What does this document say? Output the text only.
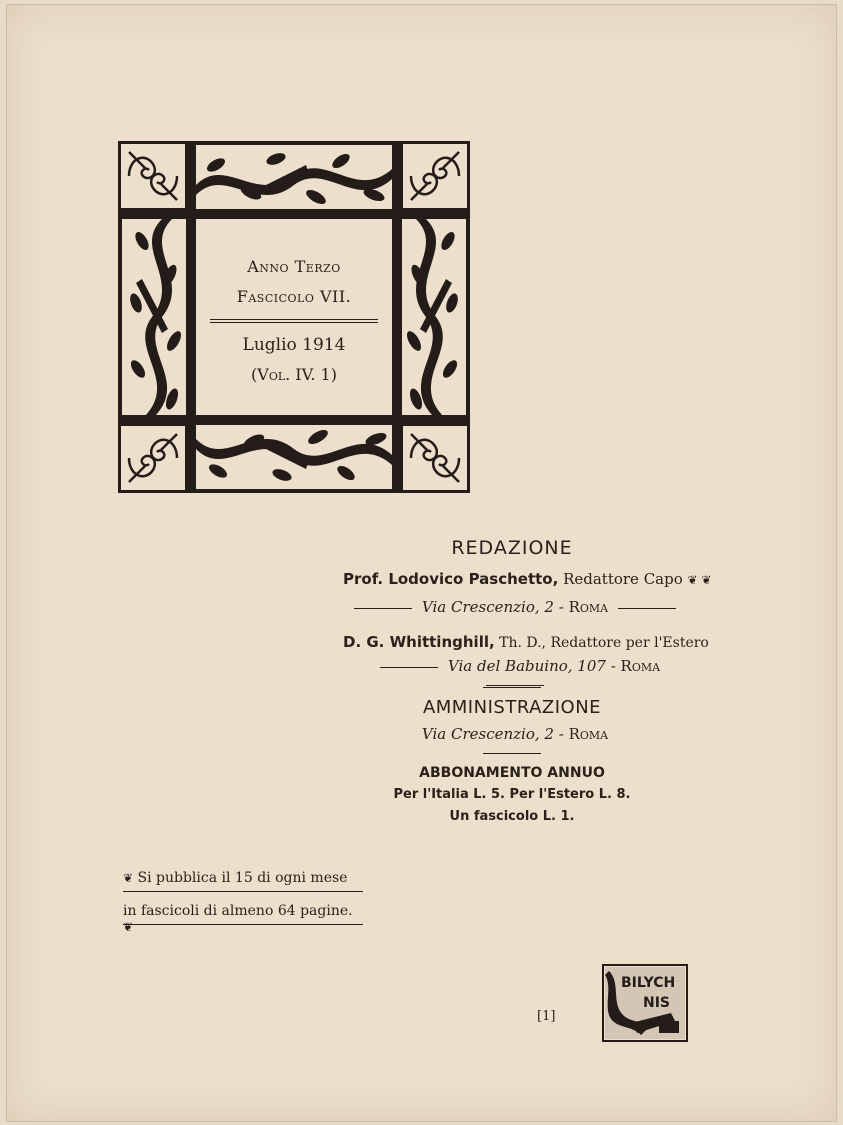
Anno Terzo
Fascicolo VII.
Luglio 1914
(Vol. IV. 1)
REDAZIONE
Prof. Lodovico Paschetto, Redattore Capo ❦ ❦
Via Crescenzio, 2 - Roma
D. G. Whittinghill, Th. D., Redattore per l'Estero
Via del Babuino, 107 - Roma
AMMINISTRAZIONE
Via Crescenzio, 2 - Roma
ABBONAMENTO ANNUO
Per l'Italia L. 5. Per l'Estero L. 8.
Un fascicolo L. 1.
❦ Si pubblica il 15 di ogni mese
in fascicoli di almeno 64 pagine. ❦
[1]
BILYCH
NIS
